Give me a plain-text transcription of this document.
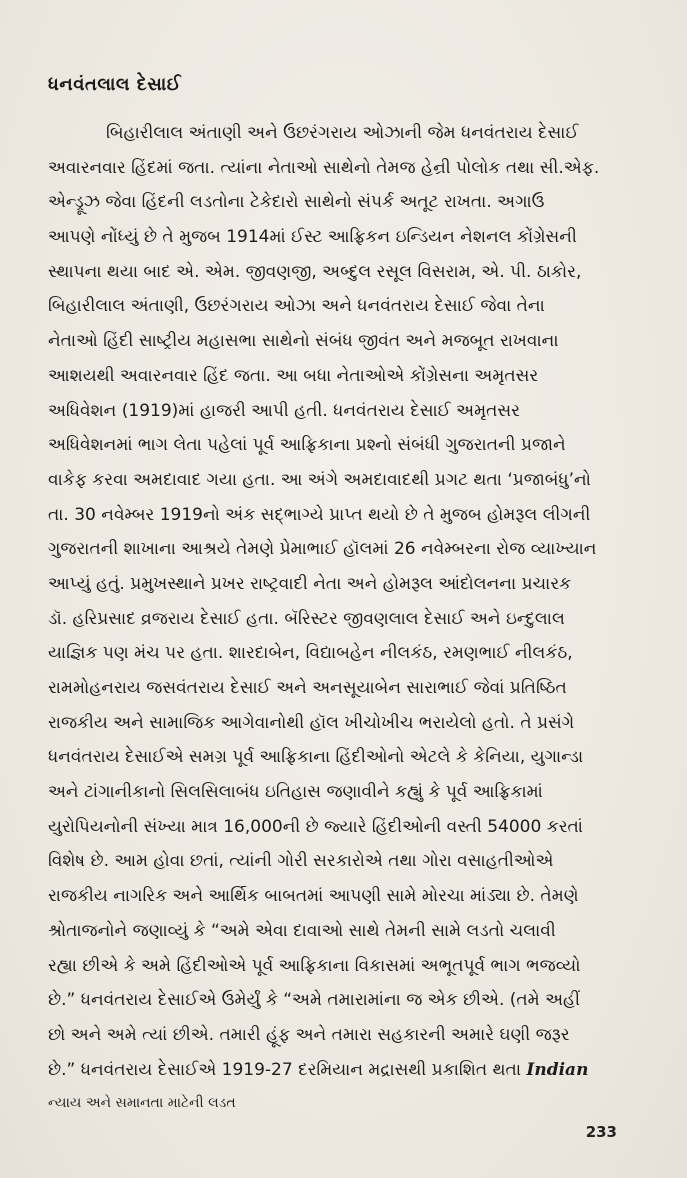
ધનવંતલાલ દેસાઈ
બિહારીલાલ અંતાણી અને ઉછરંગરાય ઓઝાની જેમ ધનવંતરાય દેસાઈ
અવારનવાર હિંદમાં જતા. ત્યાંના નેતાઓ સાથેનો તેમજ હેન્રી પોલોક તથા સી.એફ.
એન્ડ્રૂઝ જેવા હિંદની લડતોના ટેકેદારો સાથેનો સંપર્ક અતૂટ રાખતા. અગાઉ
આપણે નોંધ્યું છે તે મુજબ 1914માં ઈસ્ટ આફ્રિકન ઇન્ડિયન નેશનલ કોંગ્રેસની
સ્થાપના થયા બાદ એ. એમ. જીવણજી, અબ્દુલ રસૂલ વિસરામ, એ. પી. ઠાકોર,
બિહારીલાલ અંતાણી, ઉછરંગરાય ઓઝા અને ધનવંતરાય દેસાઈ જેવા તેના
નેતાઓ હિંદી સાષ્ટ્રીય મહાસભા સાથેનો સંબંધ જીવંત અને મજબૂત રાખવાના
આશયથી અવારનવાર હિંદ જતા. આ બધા નેતાઓએ કોંગ્રેસના અમૃતસર
અધિવેશન (1919)માં હાજરી આપી હતી. ધનવંતરાય દેસાઈ અમૃતસર
અધિવેશનમાં ભાગ લેતા પહેલાં પૂર્વ આફ્રિકાના પ્રશ્નો સંબંધી ગુજરાતની પ્રજાને
વાકેફ કરવા અમદાવાદ ગયા હતા. આ અંગે અમદાવાદથી પ્રગટ થતા ‘પ્રજાબંધુ’નો
તા. 30 નવેમ્બર 1919નો અંક સદ્ભાગ્યે પ્રાપ્ત થયો છે તે મુજબ હોમરૂલ લીગની
ગુજરાતની શાખાના આશ્રયે તેમણે પ્રેમાભાઈ હૉલમાં 26 નવેમ્બરના રોજ વ્યાખ્યાન
આપ્યું હતું. પ્રમુખસ્થાને પ્રખર રાષ્ટ્રવાદી નેતા અને હોમરૂલ આંદોલનના પ્રચારક
ડૉ. હરિપ્રસાદ વ્રજરાય દેસાઈ હતા. બૅરિસ્ટર જીવણલાલ દેસાઈ અને ઇન્દુલાલ
યાજ્ઞિક પણ મંચ પર હતા. શારદાબેન, વિદ્યાબહેન નીલકંઠ, રમણભાઈ નીલકંઠ,
રામમોહનરાય જસવંતરાય દેસાઈ અને અનસૂયાબેન સારાભાઈ જેવાં પ્રતિષ્ઠિત
રાજકીય અને સામાજિક આગેવાનોથી હૉલ ખીચોખીચ ભરાયેલો હતો. તે પ્રસંગે
ધનવંતરાય દેસાઈએ સમગ્ર પૂર્વ આફ્રિકાના હિંદીઓનો એટલે કે કેનિયા, યુગાન્ડા
અને ટાંગાનીકાનો સિલસિલાબંધ ઇતિહાસ જણાવીને કહ્યું કે પૂર્વ આફ્રિકામાં
યુરોપિયનોની સંખ્યા માત્ર 16,000ની છે જ્યારે હિંદીઓની વસ્તી 54000 કરતાં
વિશેષ છે. આમ હોવા છતાં, ત્યાંની ગોરી સરકારોએ તથા ગોરા વસાહતીઓએ
રાજકીય નાગરિક અને આર્થિક બાબતમાં આપણી સામે મોરચા માંડ્યા છે. તેમણે
શ્રોતાજનોને જણાવ્યું કે “અમે એવા દાવાઓ સાથે તેમની સામે લડતો ચલાવી
રહ્યા છીએ કે અમે હિંદીઓએ પૂર્વ આફ્રિકાના વિકાસમાં અભૂતપૂર્વ ભાગ ભજવ્યો
છે.” ધનવંતરાય દેસાઈએ ઉમેર્યું કે “અમે તમારામાંના જ એક છીએ. (તમે અહીં
છો અને અમે ત્યાં છીએ. તમારી હૂંફ અને તમારા સહકારની અમારે ઘણી જરૂર
છે.” ધનવંતરાય દેસાઈએ 1919-27 દરમિયાન મદ્રાસથી પ્રકાશિત થતા Indian
ન્યાય અને સમાનતા માટેની લડત
233
